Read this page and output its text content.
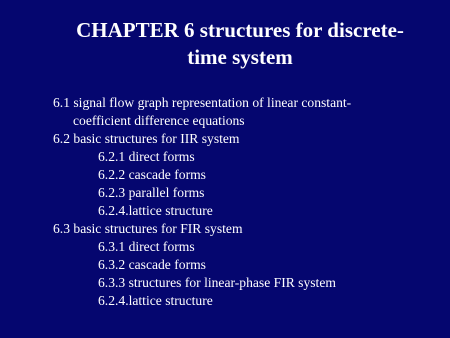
CHAPTER 6 structures for discrete-
time system
6.1 signal flow graph representation of linear constant-
coefficient difference equations
6.2 basic structures for IIR system
6.2.1 direct forms
6.2.2 cascade forms
6.2.3 parallel forms
6.2.4.lattice structure
6.3 basic structures for FIR system
6.3.1 direct forms
6.3.2 cascade forms
6.3.3 structures for linear-phase FIR system
6.2.4.lattice structure
